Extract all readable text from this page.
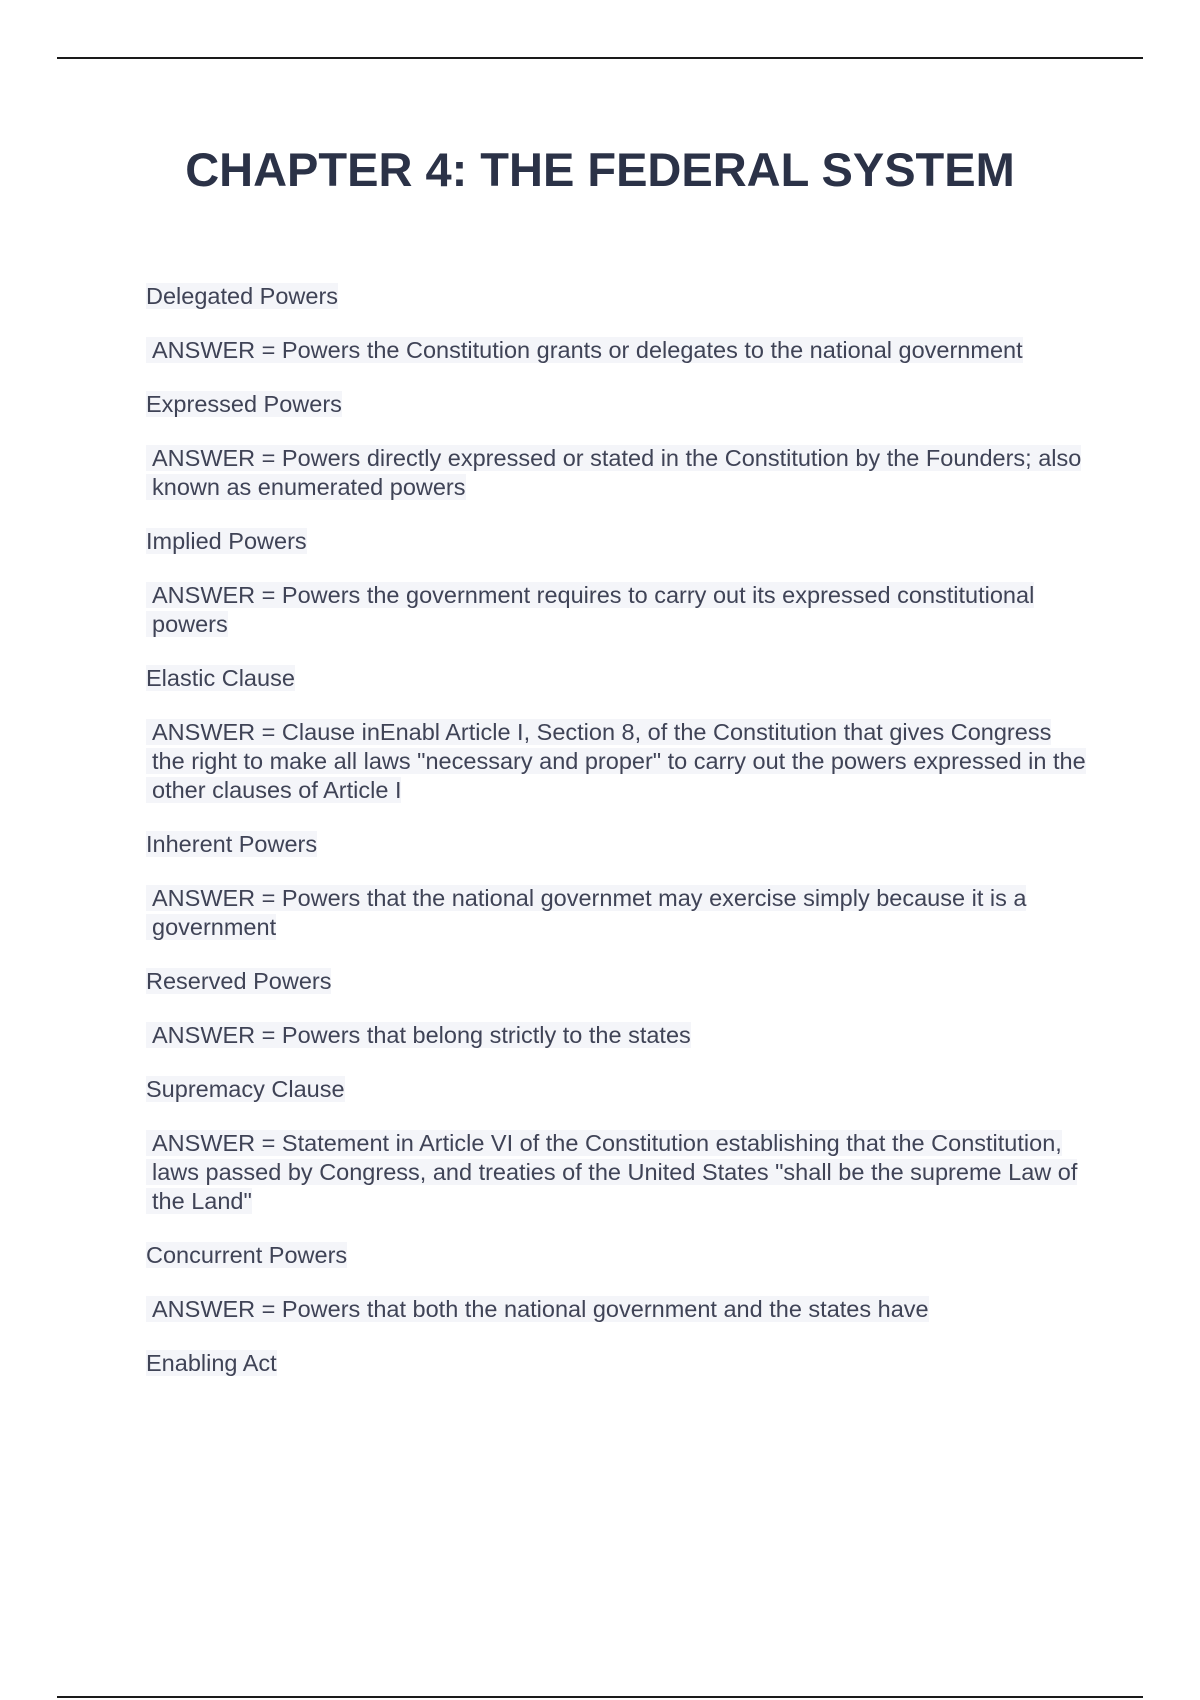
CHAPTER 4: THE FEDERAL SYSTEM

Delegated Powers

ANSWER = Powers the Constitution grants or delegates to the national government

Expressed Powers

ANSWER = Powers directly expressed or stated in the Constitution by the Founders; also known as enumerated powers

Implied Powers

ANSWER = Powers the government requires to carry out its expressed constitutional powers

Elastic Clause

ANSWER = Clause inEnabl Article I, Section 8, of the Constitution that gives Congress the right to make all laws "necessary and proper" to carry out the powers expressed in the other clauses of Article I

Inherent Powers

ANSWER = Powers that the national governmet may exercise simply because it is a government

Reserved Powers

ANSWER = Powers that belong strictly to the states

Supremacy Clause

ANSWER = Statement in Article VI of the Constitution establishing that the Constitution, laws passed by Congress, and treaties of the United States "shall be the supreme Law of the Land"

Concurrent Powers

ANSWER = Powers that both the national government and the states have

Enabling Act
